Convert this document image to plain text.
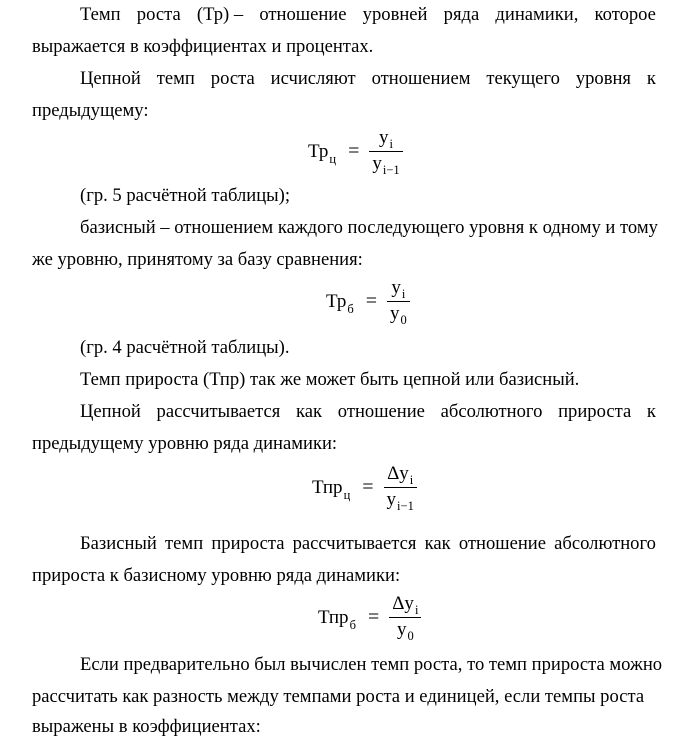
Темп роста (Тр) – отношение уровней ряда динамики, которое
выражается в коэффициентах и процентах.
Цепной темп роста исчисляют отношением текущего уровня к
предыдущему:
$Тр_ц = \frac{y_i}{y_{i-1}}$
(гр. 5 расчётной таблицы);
базисный – отношением каждого последующего уровня к одному и тому
же уровню, принятому за базу сравнения:
$Тр_б = \frac{y_i}{y_0}$
(гр. 4 расчётной таблицы).
Темп прироста (Тпр) так же может быть цепной или базисный.
Цепной рассчитывается как отношение абсолютного прироста к
предыдущему уровню ряда динамики:
$Тпр_ц = \frac{\Delta y_i}{y_{i-1}}$
Базисный темп прироста рассчитывается как отношение абсолютного
прироста к базисному уровню ряда динамики:
$Тпр_б = \frac{\Delta y_i}{y_0}$
Если предварительно был вычислен темп роста, то темп прироста можно
рассчитать как разность между темпами роста и единицей, если темпы роста
выражены в коэффициентах:
